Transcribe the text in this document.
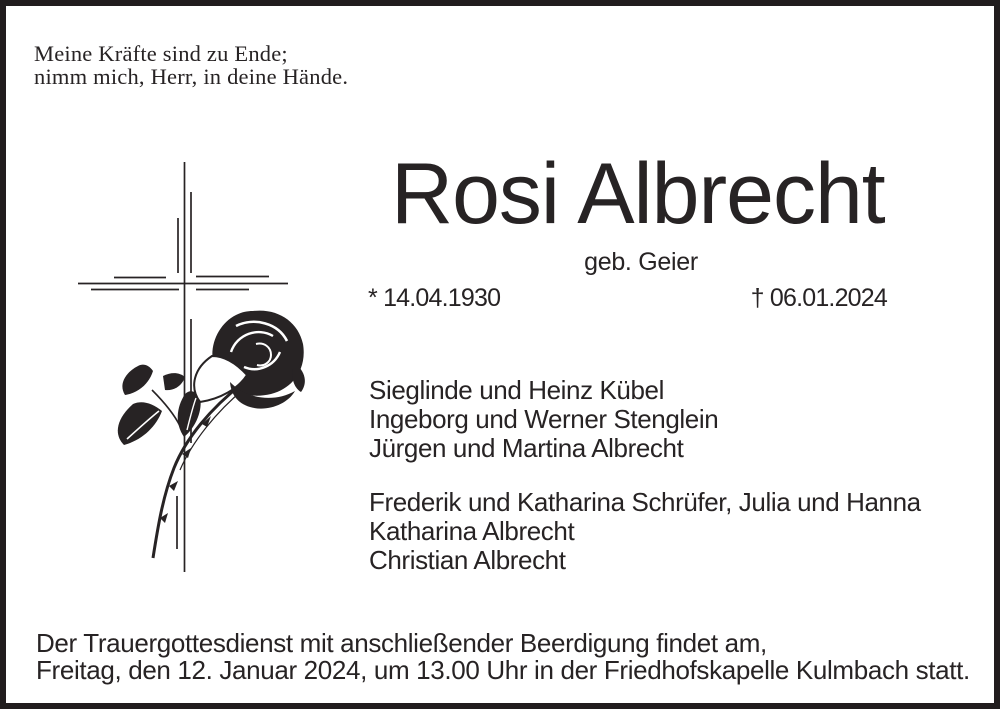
Meine Kräfte sind zu Ende;
nimm mich, Herr, in deine Hände.
Rosi Albrecht
geb. Geier
* 14.04.1930	† 06.01.2024
Sieglinde und Heinz Kübel
Ingeborg und Werner Stenglein
Jürgen und Martina Albrecht
Frederik und Katharina Schrüfer, Julia und Hanna
Katharina Albrecht
Christian Albrecht
Der Trauergottesdienst mit anschließender Beerdigung findet am,
Freitag, den 12. Januar 2024, um 13.00 Uhr in der Friedhofskapelle Kulmbach statt.
